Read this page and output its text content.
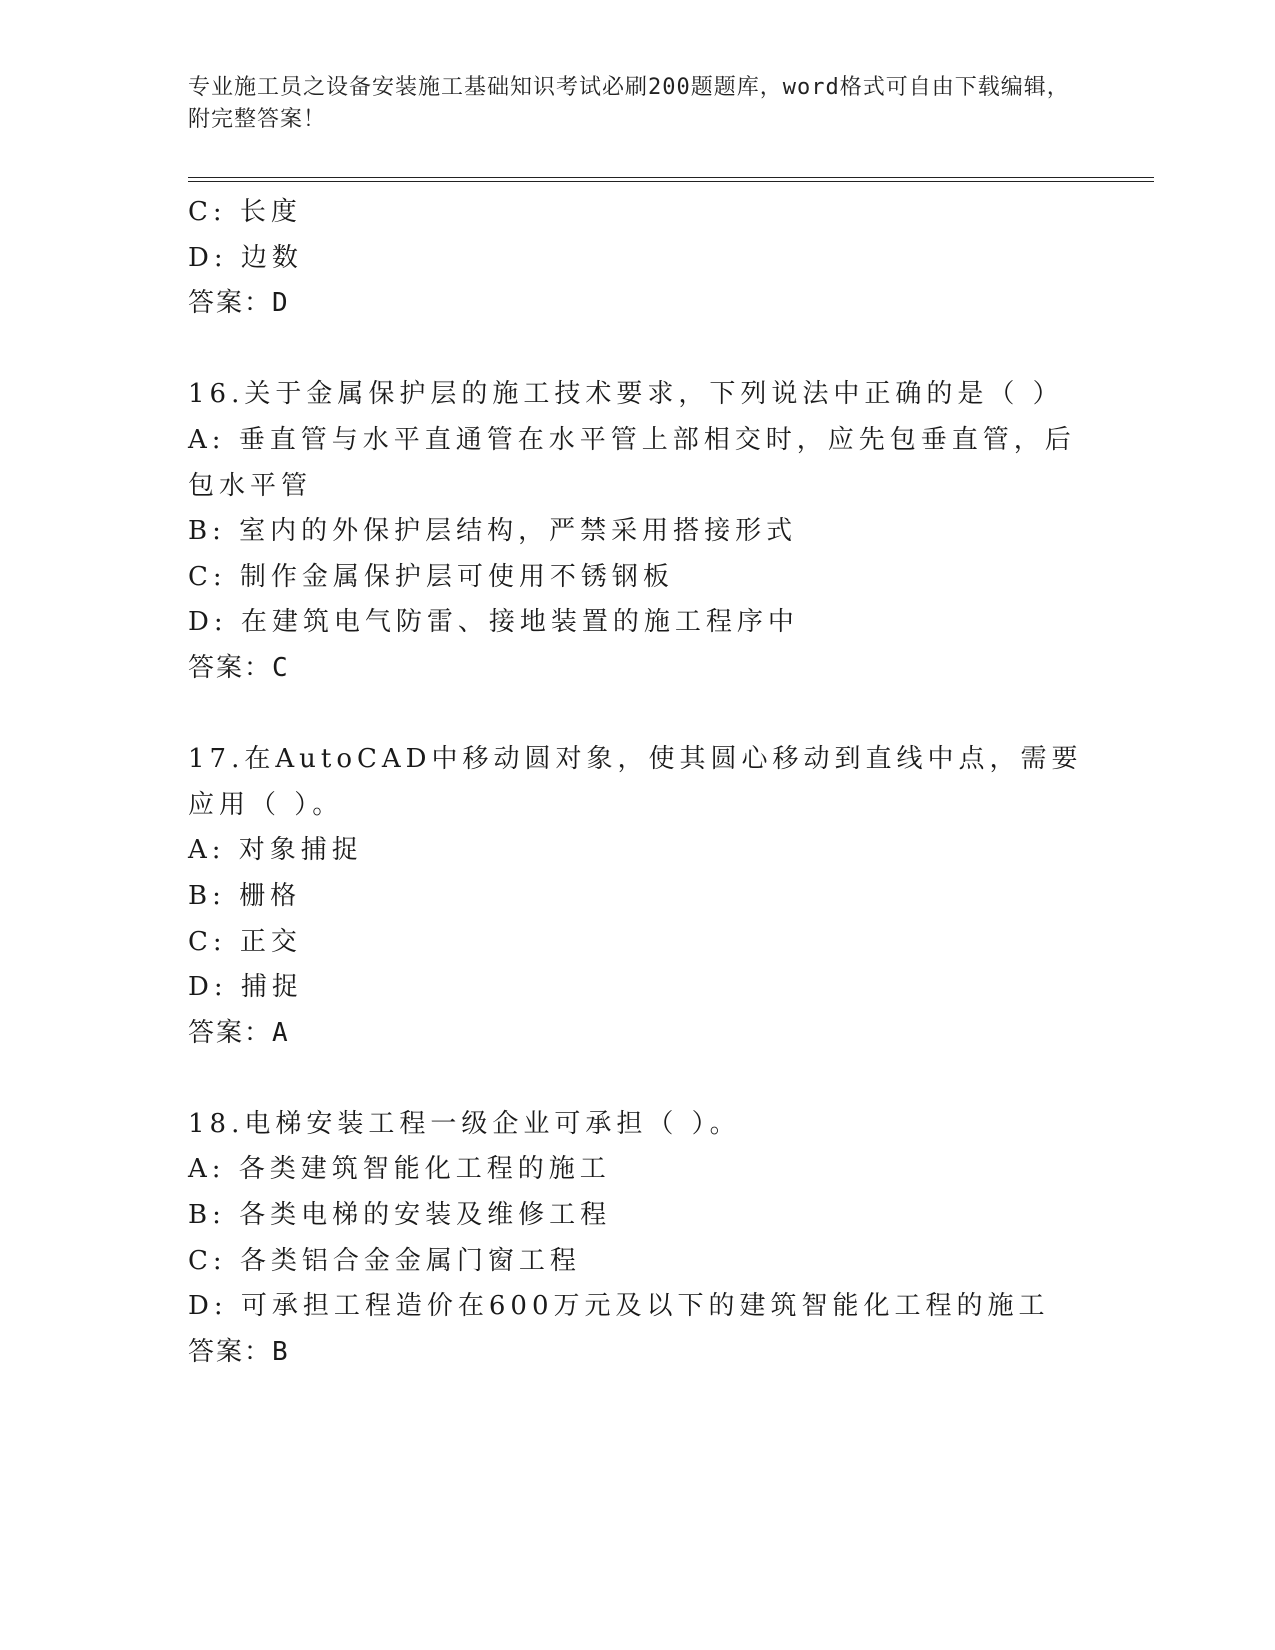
专业施工员之设备安装施工基础知识考试必刷200题题库，word格式可自由下载编辑，附完整答案！
C: 长度
D: 边数
答案：D
16.关于金属保护层的施工技术要求，下列说法中正确的是（ ）
A: 垂直管与水平直通管在水平管上部相交时，应先包垂直管，后包水平管
B: 室内的外保护层结构，严禁采用搭接形式
C: 制作金属保护层可使用不锈钢板
D: 在建筑电气防雷、接地装置的施工程序中
答案：C
17.在AutoCAD中移动圆对象，使其圆心移动到直线中点，需要应用（ ）。
A: 对象捕捉
B: 栅格
C: 正交
D: 捕捉
答案：A
18.电梯安装工程一级企业可承担（ ）。
A: 各类建筑智能化工程的施工
B: 各类电梯的安装及维修工程
C: 各类铝合金金属门窗工程
D: 可承担工程造价在600万元及以下的建筑智能化工程的施工
答案：B
